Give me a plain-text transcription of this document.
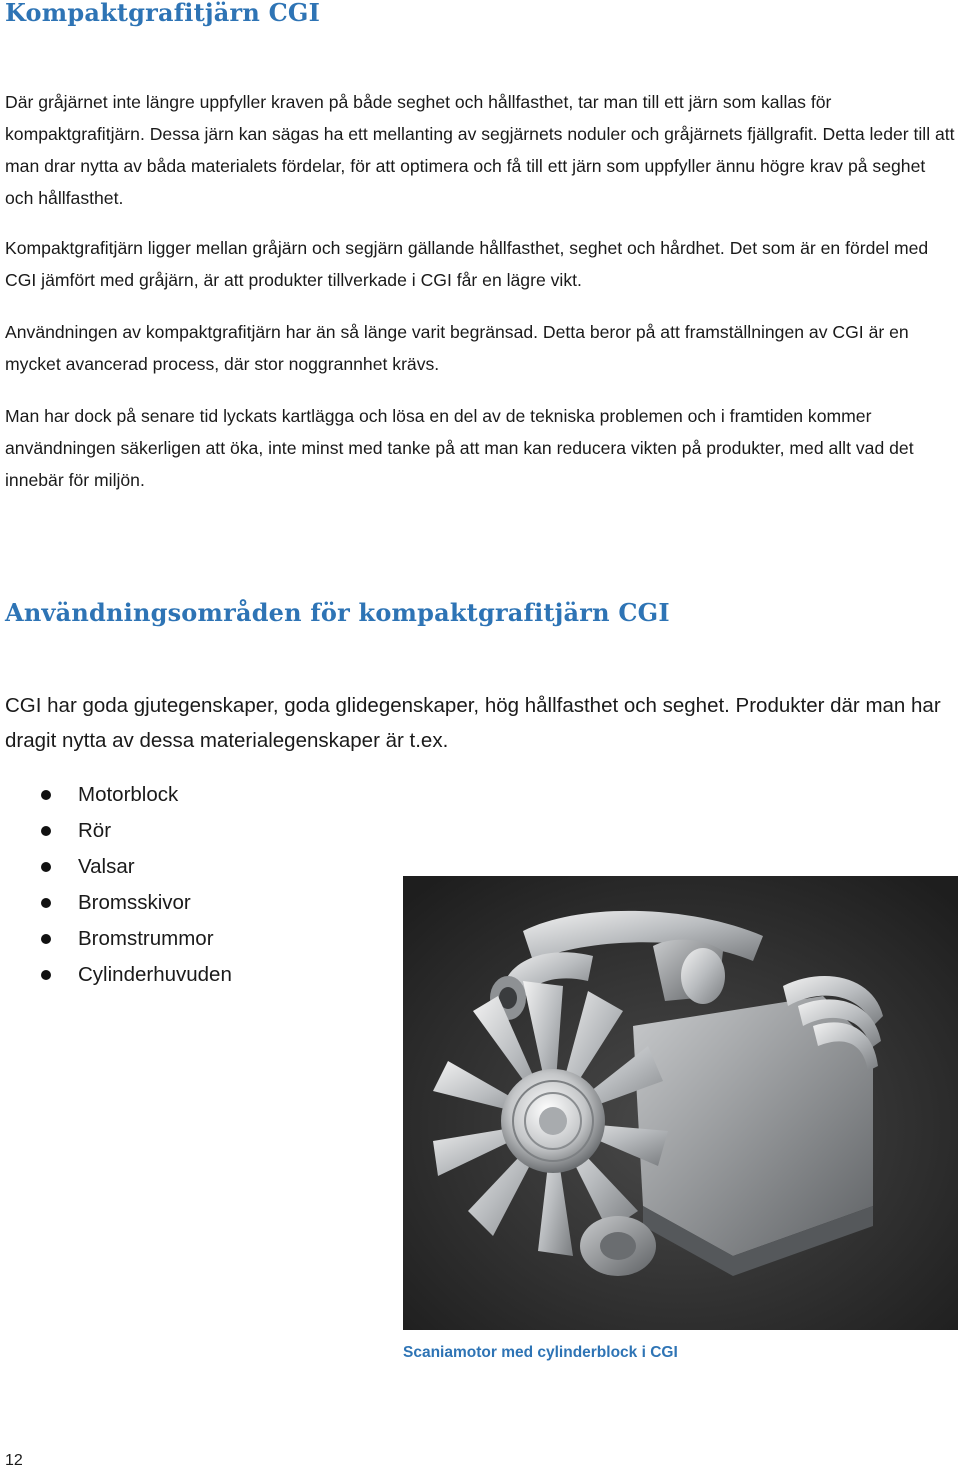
Kompaktgrafitjärn CGI

Där gråjärnet inte längre uppfyller kraven på både seghet och hållfasthet, tar man till ett järn som kallas för kompaktgrafitjärn. Dessa järn kan sägas ha ett mellanting av segjärnets noduler och gråjärnets fjällgrafit. Detta leder till att man drar nytta av båda materialets fördelar, för att optimera och få till ett järn som uppfyller ännu högre krav på seghet och hållfasthet.

Kompaktgrafitjärn ligger mellan gråjärn och segjärn gällande hållfasthet, seghet och hårdhet. Det som är en fördel med CGI jämfört med gråjärn, är att produkter tillverkade i CGI får en lägre vikt.

Användningen av kompaktgrafitjärn har än så länge varit begränsad. Detta beror på att framställningen av CGI är en mycket avancerad process, där stor noggrannhet krävs.

Man har dock på senare tid lyckats kartlägga och lösa en del av de tekniska problemen och i framtiden kommer användningen säkerligen att öka, inte minst med tanke på att man kan reducera vikten på produkter, med allt vad det innebär för miljön.

Användningsområden för kompaktgrafitjärn CGI

CGI har goda gjutegenskaper, goda glidegenskaper, hög hållfasthet och seghet. Produkter där man har dragit nytta av dessa materialegenskaper är t.ex.

Motorblock
Rör
Valsar
Bromsskivor
Bromstrummor
Cylinderhuvuden

Scaniamotor med cylinderblock i CGI

12
